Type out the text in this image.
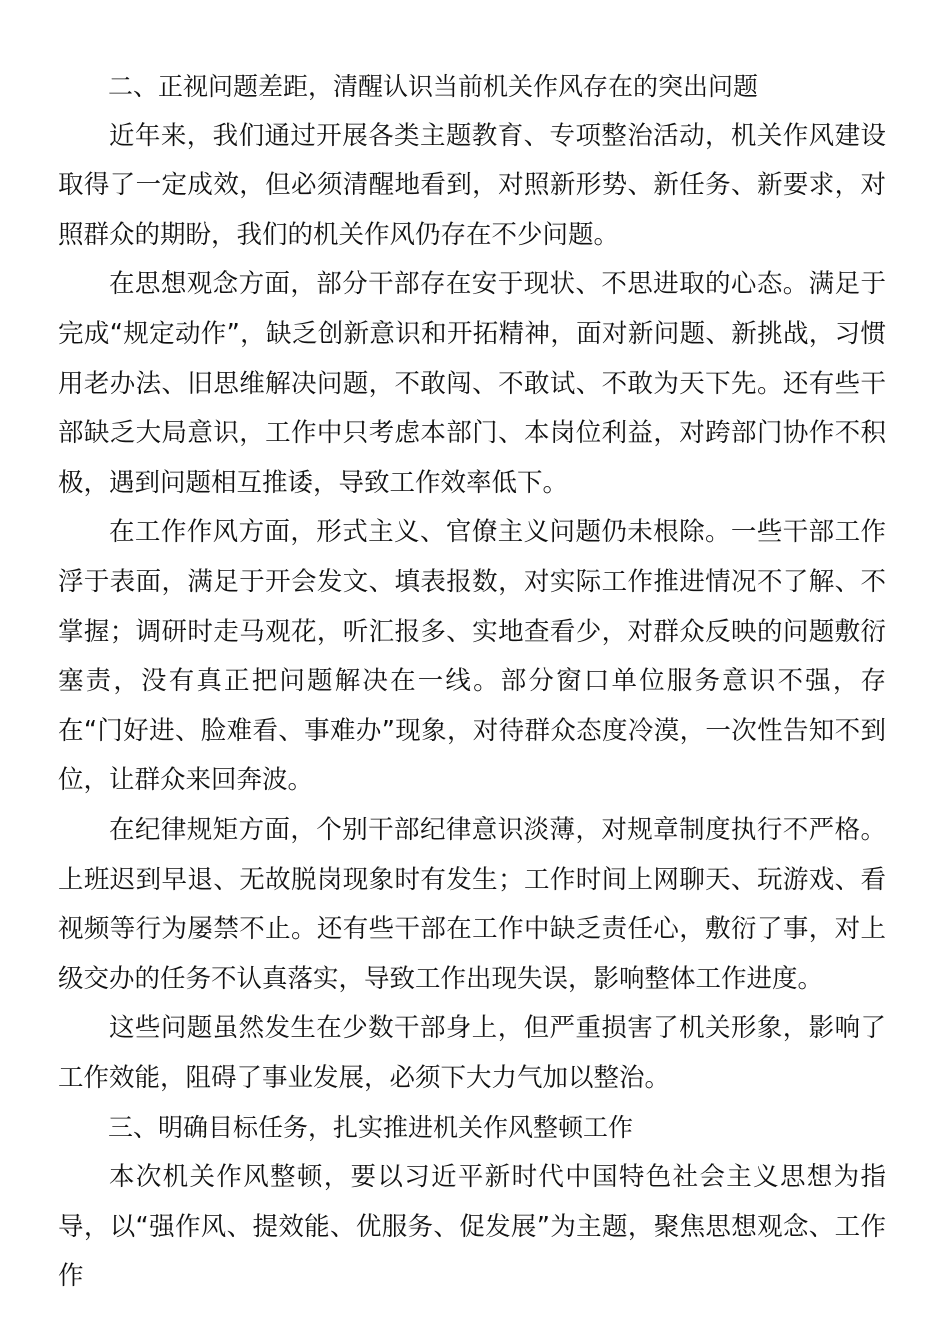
二、正视问题差距，清醒认识当前机关作风存在的突出问题

近年来，我们通过开展各类主题教育、专项整治活动，机关作风建设取得了一定成效，但必须清醒地看到，对照新形势、新任务、新要求，对照群众的期盼，我们的机关作风仍存在不少问题。

在思想观念方面，部分干部存在安于现状、不思进取的心态。满足于完成“规定动作”，缺乏创新意识和开拓精神，面对新问题、新挑战，习惯用老办法、旧思维解决问题，不敢闯、不敢试、不敢为天下先。还有些干部缺乏大局意识，工作中只考虑本部门、本岗位利益，对跨部门协作不积极，遇到问题相互推诿，导致工作效率低下。

在工作作风方面，形式主义、官僚主义问题仍未根除。一些干部工作浮于表面，满足于开会发文、填表报数，对实际工作推进情况不了解、不掌握；调研时走马观花，听汇报多、实地查看少，对群众反映的问题敷衍塞责，没有真正把问题解决在一线。部分窗口单位服务意识不强，存在“门好进、脸难看、事难办”现象，对待群众态度冷漠，一次性告知不到位，让群众来回奔波。

在纪律规矩方面，个别干部纪律意识淡薄，对规章制度执行不严格。上班迟到早退、无故脱岗现象时有发生；工作时间上网聊天、玩游戏、看视频等行为屡禁不止。还有些干部在工作中缺乏责任心，敷衍了事，对上级交办的任务不认真落实，导致工作出现失误，影响整体工作进度。

这些问题虽然发生在少数干部身上，但严重损害了机关形象，影响了工作效能，阻碍了事业发展，必须下大力气加以整治。

三、明确目标任务，扎实推进机关作风整顿工作

本次机关作风整顿，要以习近平新时代中国特色社会主义思想为指导，以“强作风、提效能、优服务、促发展”为主题，聚焦思想观念、工作作
